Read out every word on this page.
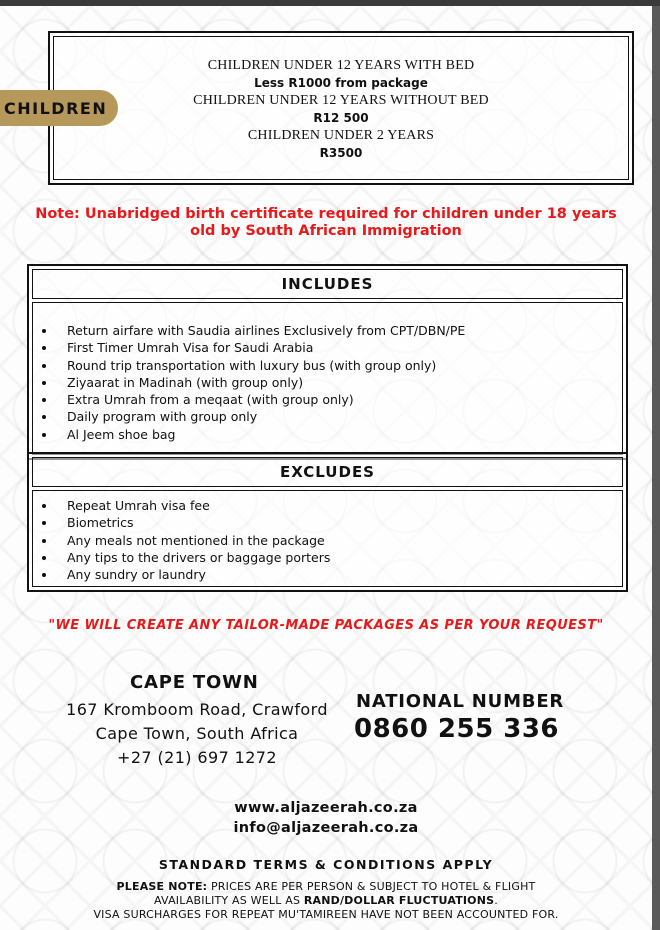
CHILDREN UNDER 12 YEARS WITH BED
Less R1000 from package
CHILDREN UNDER 12 YEARS WITHOUT BED
R12 500
CHILDREN UNDER 2 YEARS
R3500
CHILDREN
Note: Unabridged birth certificate required for children under 18 years
old by South African Immigration
INCLUDES
Return airfare with Saudia airlines Exclusively from CPT/DBN/PE
First Timer Umrah Visa for Saudi Arabia
Round trip transportation with luxury bus (with group only)
Ziyaarat in Madinah (with group only)
Extra Umrah from a meqaat (with group only)
Daily program with group only
Al Jeem shoe bag
EXCLUDES
Repeat Umrah visa fee
Biometrics
Any meals not mentioned in the package
Any tips to the drivers or baggage porters
Any sundry or laundry
"WE WILL CREATE ANY TAILOR-MADE PACKAGES AS PER YOUR REQUEST"
CAPE TOWN
167 Kromboom Road, Crawford
Cape Town, South Africa
+27 (21) 697 1272
NATIONAL NUMBER
0860 255 336
www.aljazeerah.co.za
info@aljazeerah.co.za
STANDARD TERMS & CONDITIONS APPLY
PLEASE NOTE: PRICES ARE PER PERSON & SUBJECT TO HOTEL & FLIGHT
AVAILABILITY AS WELL AS RAND/DOLLAR FLUCTUATIONS.
VISA SURCHARGES FOR REPEAT MU'TAMIREEN HAVE NOT BEEN ACCOUNTED FOR.
